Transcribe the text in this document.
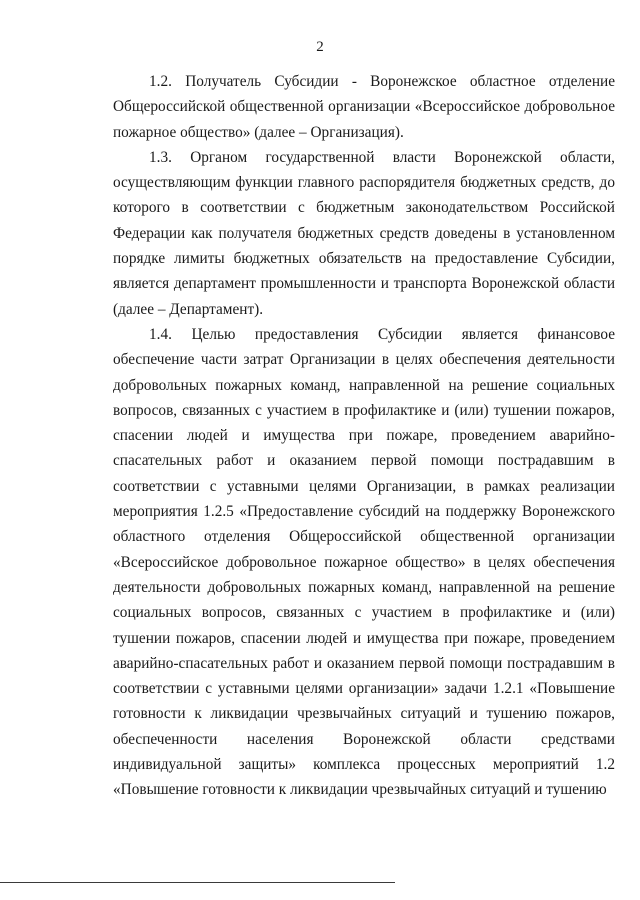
2

1.2. Получатель Субсидии - Воронежское областное отделение Общероссийской общественной организации «Всероссийское добровольное пожарное общество» (далее – Организация).

1.3. Органом государственной власти Воронежской области, осуществляющим функции главного распорядителя бюджетных средств, до которого в соответствии с бюджетным законодательством Российской Федерации как получателя бюджетных средств доведены в установленном порядке лимиты бюджетных обязательств на предоставление Субсидии, является департамент промышленности и транспорта Воронежской области (далее – Департамент).

1.4. Целью предоставления Субсидии является финансовое обеспечение части затрат Организации в целях обеспечения деятельности добровольных пожарных команд, направленной на решение социальных вопросов, связанных с участием в профилактике и (или) тушении пожаров, спасении людей и имущества при пожаре, проведением аварийно-спасательных работ и оказанием первой помощи пострадавшим в соответствии с уставными целями Организации, в рамках реализации мероприятия 1.2.5 «Предоставление субсидий на поддержку Воронежского областного отделения Общероссийской общественной организации «Всероссийское добровольное пожарное общество» в целях обеспечения деятельности добровольных пожарных команд, направленной на решение социальных вопросов, связанных с участием в профилактике и (или) тушении пожаров, спасении людей и имущества при пожаре, проведением аварийно-спасательных работ и оказанием первой помощи пострадавшим в соответствии с уставными целями организации» задачи 1.2.1 «Повышение готовности к ликвидации чрезвычайных ситуаций и тушению пожаров, обеспеченности населения Воронежской области средствами индивидуальной защиты» комплекса процессных мероприятий 1.2 «Повышение готовности к ликвидации чрезвычайных ситуаций и тушению
